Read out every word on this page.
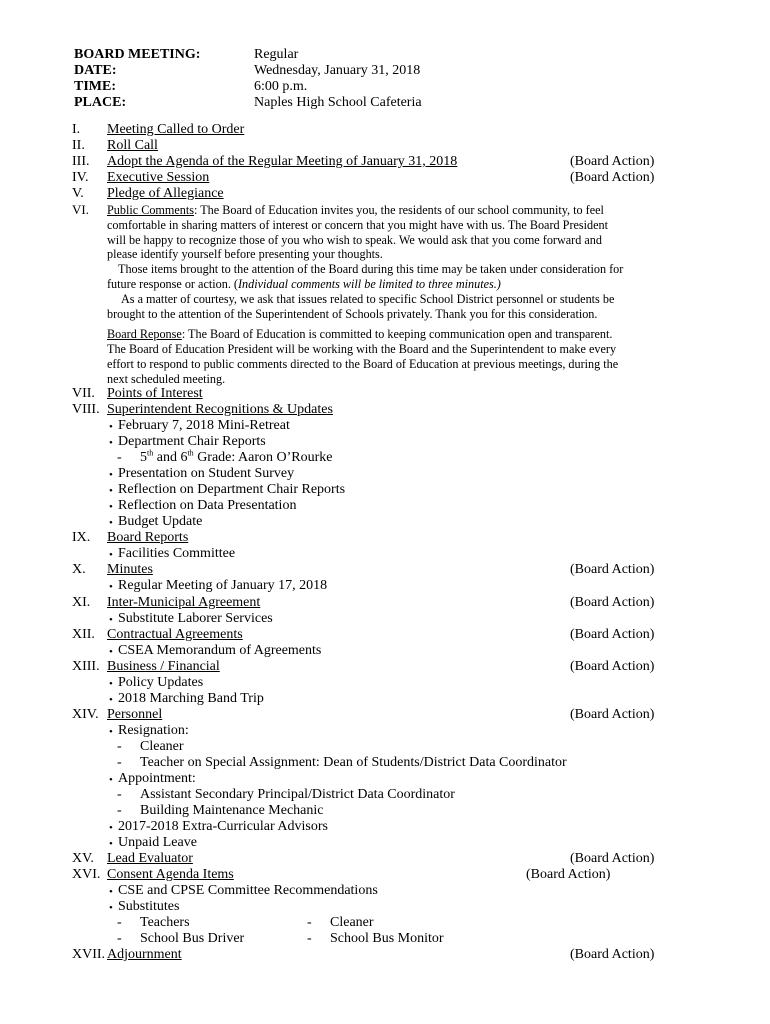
BOARD MEETING:	Regular
DATE:	Wednesday, January 31, 2018
TIME:	6:00 p.m.
PLACE:	Naples High School Cafeteria
I. Meeting Called to Order
II. Roll Call
III. Adopt the Agenda of the Regular Meeting of January 31, 2018	(Board Action)
IV. Executive Session	(Board Action)
V. Pledge of Allegiance
VI. Public Comments: The Board of Education invites you, the residents of our school community, to feel
comfortable in sharing matters of interest or concern that you might have with us. The Board President
will be happy to recognize those of you who wish to speak. We would ask that you come forward and
please identify yourself before presenting your thoughts.
Those items brought to the attention of the Board during this time may be taken under consideration for
future response or action. (Individual comments will be limited to three minutes.)
As a matter of courtesy, we ask that issues related to specific School District personnel or students be
brought to the attention of the Superintendent of Schools privately. Thank you for this consideration.
Board Reponse: The Board of Education is committed to keeping communication open and transparent.
The Board of Education President will be working with the Board and the Superintendent to make every
effort to respond to public comments directed to the Board of Education at previous meetings, during the
next scheduled meeting.
VII. Points of Interest
VIII. Superintendent Recognitions & Updates
• February 7, 2018 Mini-Retreat
• Department Chair Reports
- 5th and 6th Grade: Aaron O’Rourke
• Presentation on Student Survey
• Reflection on Department Chair Reports
• Reflection on Data Presentation
• Budget Update
IX. Board Reports
• Facilities Committee
X. Minutes	(Board Action)
• Regular Meeting of January 17, 2018
XI. Inter-Municipal Agreement	(Board Action)
• Substitute Laborer Services
XII. Contractual Agreements	(Board Action)
• CSEA Memorandum of Agreements
XIII. Business / Financial	(Board Action)
• Policy Updates
• 2018 Marching Band Trip
XIV. Personnel	(Board Action)
• Resignation:
- Cleaner
- Teacher on Special Assignment: Dean of Students/District Data Coordinator
• Appointment:
- Assistant Secondary Principal/District Data Coordinator
- Building Maintenance Mechanic
• 2017-2018 Extra-Curricular Advisors
• Unpaid Leave
XV. Lead Evaluator	(Board Action)
XVI. Consent Agenda Items	(Board Action)
• CSE and CPSE Committee Recommendations
• Substitutes
- Teachers	- Cleaner
- School Bus Driver	- School Bus Monitor
XVII. Adjournment	(Board Action)
